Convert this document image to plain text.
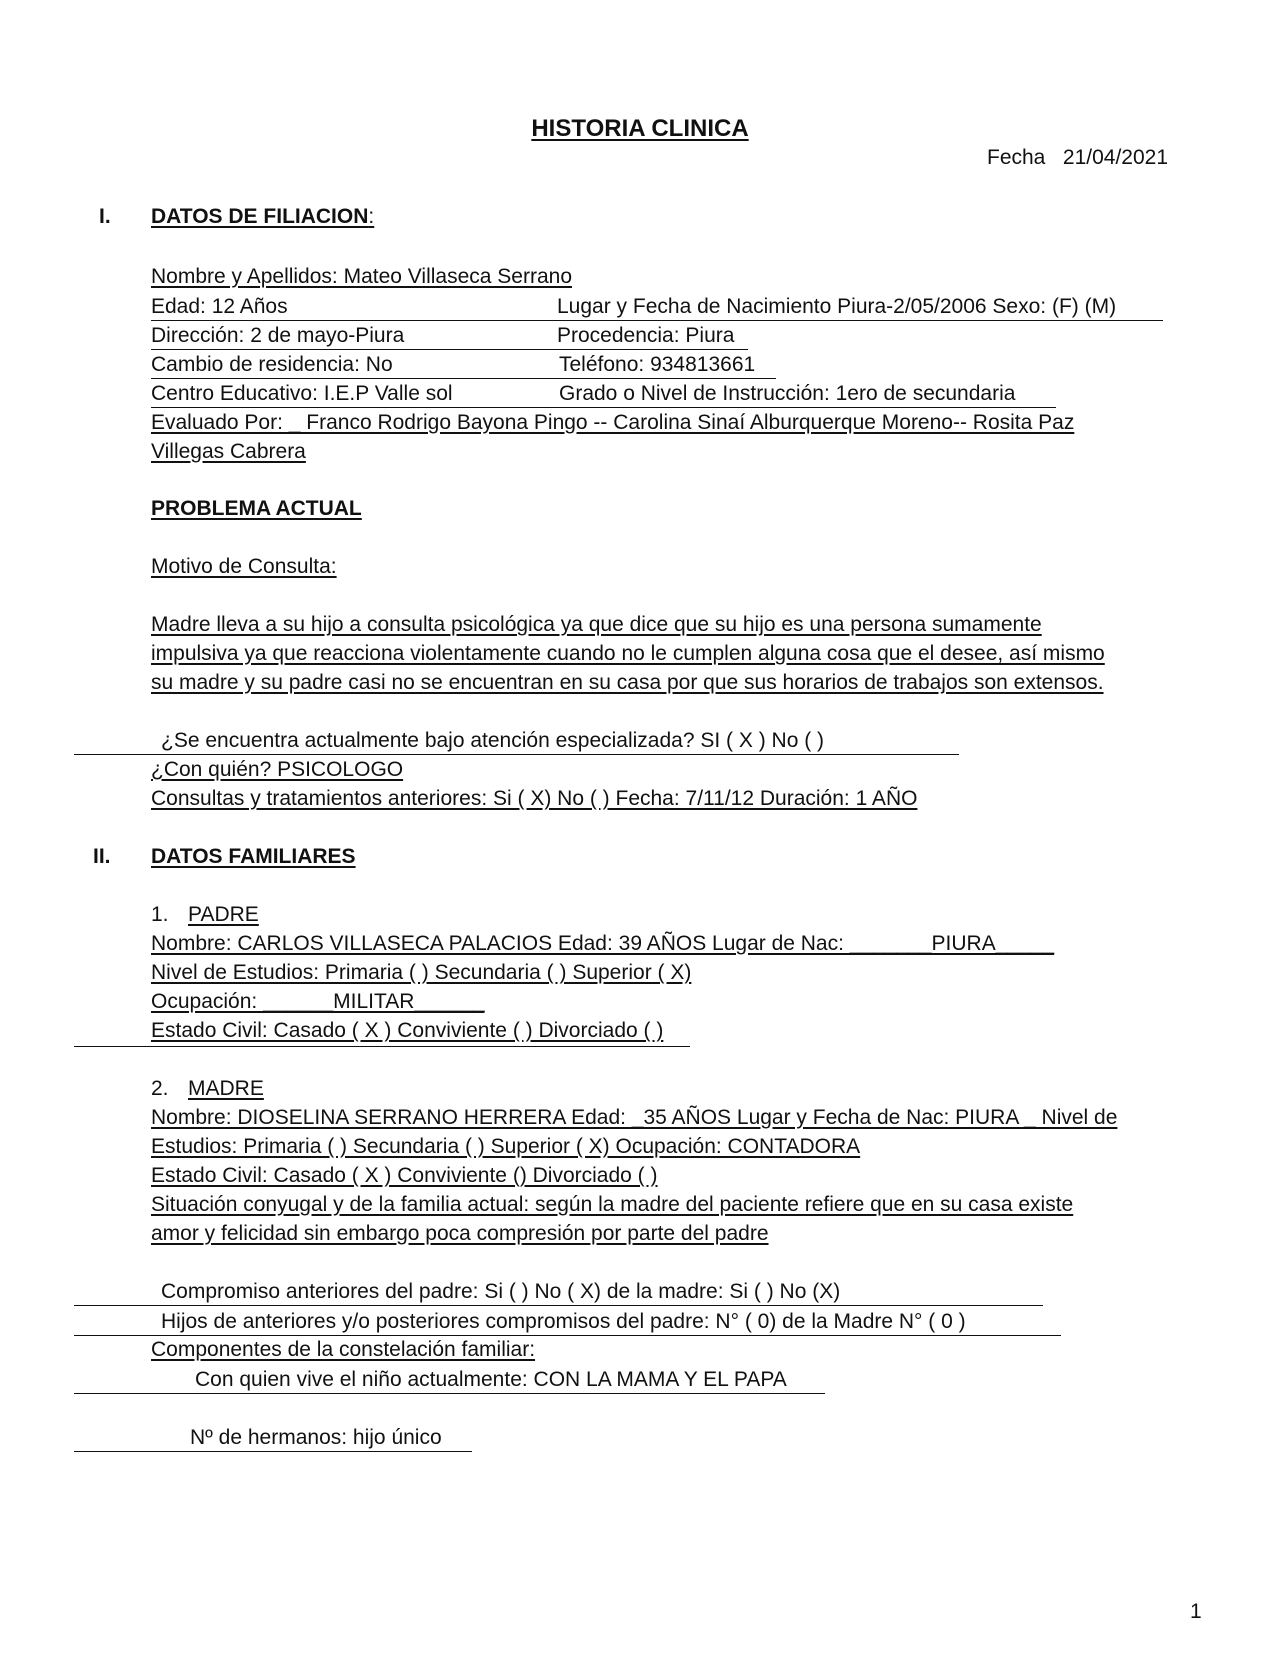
HISTORIA CLINICA
Fecha 21/04/2021
I. DATOS DE FILIACION:
Nombre y Apellidos: Mateo Villaseca Serrano
Edad: 12 Años	Lugar y Fecha de Nacimiento Piura-2/05/2006 Sexo: (F) (M)
Dirección: 2 de mayo-Piura	Procedencia: Piura
Cambio de residencia: No	Teléfono: 934813661
Centro Educativo: I.E.P Valle sol	Grado o Nivel de Instrucción: 1ero de secundaria
Evaluado Por: _ Franco Rodrigo Bayona Pingo -- Carolina Sinaí Alburquerque Moreno-- Rosita Paz
Villegas Cabrera
PROBLEMA ACTUAL
Motivo de Consulta:
Madre lleva a su hijo a consulta psicológica ya que dice que su hijo es una persona sumamente
impulsiva ya que reacciona violentamente cuando no le cumplen alguna cosa que el desee, así mismo
su madre y su padre casi no se encuentran en su casa por que sus horarios de trabajos son extensos.
¿Se encuentra actualmente bajo atención especializada? SI ( X ) No ( )
¿Con quién? PSICOLOGO
Consultas y tratamientos anteriores: Si ( X) No ( ) Fecha: 7/11/12 Duración: 1 AÑO
II. DATOS FAMILIARES
1. PADRE
Nombre: CARLOS VILLASECA PALACIOS Edad: 39 AÑOS Lugar de Nac: _______PIURA_____
Nivel de Estudios: Primaria ( ) Secundaria ( ) Superior ( X)
Ocupación: ______MILITAR______
Estado Civil: Casado ( X ) Conviviente ( ) Divorciado ( )
2. MADRE
Nombre: DIOSELINA SERRANO HERRERA Edad: _35 AÑOS Lugar y Fecha de Nac: PIURA _ Nivel de
Estudios: Primaria ( ) Secundaria ( ) Superior ( X) Ocupación: CONTADORA
Estado Civil: Casado ( X ) Conviviente () Divorciado ( )
Situación conyugal y de la familia actual: según la madre del paciente refiere que en su casa existe
amor y felicidad sin embargo poca compresión por parte del padre
Compromiso anteriores del padre: Si ( ) No ( X) de la madre: Si ( ) No (X)
Hijos de anteriores y/o posteriores compromisos del padre: N° ( 0) de la Madre N° ( 0 )
Componentes de la constelación familiar:
Con quien vive el niño actualmente: CON LA MAMA Y EL PAPA
Nº de hermanos: hijo único
1
